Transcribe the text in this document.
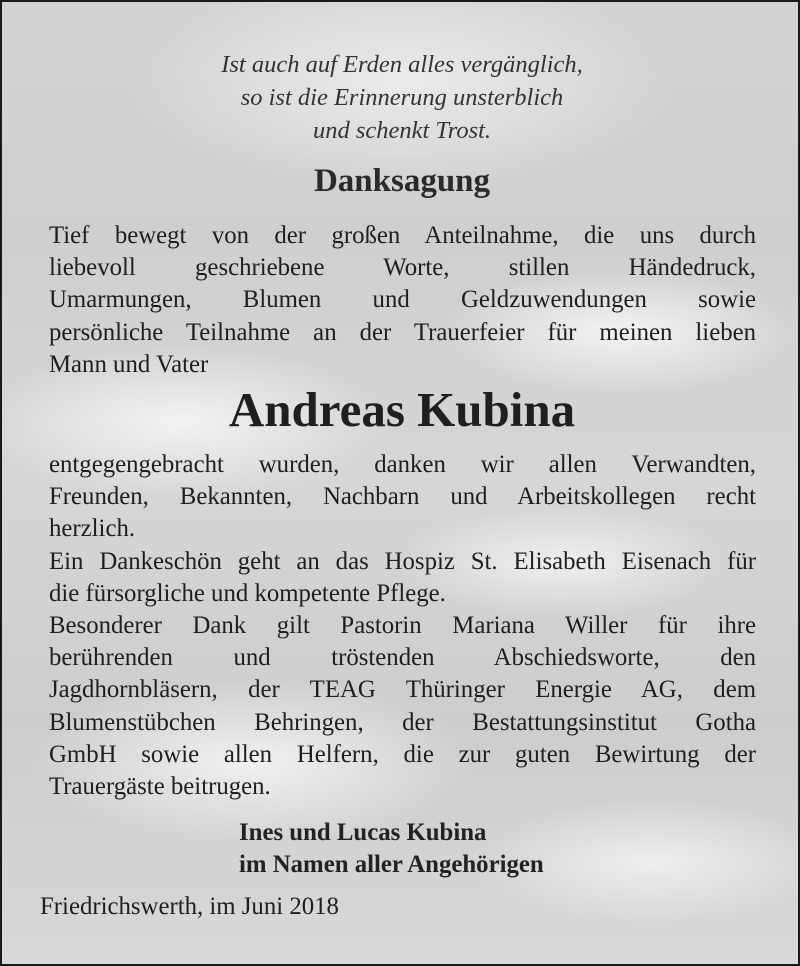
Ist auch auf Erden alles vergänglich,
so ist die Erinnerung unsterblich
und schenkt Trost.
Danksagung
Tief bewegt von der großen Anteilnahme, die uns durch
liebevoll geschriebene Worte, stillen Händedruck,
Umarmungen, Blumen und Geldzuwendungen sowie
persönliche Teilnahme an der Trauerfeier für meinen lieben
Mann und Vater
Andreas Kubina
entgegengebracht wurden, danken wir allen Verwandten,
Freunden, Bekannten, Nachbarn und Arbeitskollegen recht
herzlich.
Ein Dankeschön geht an das Hospiz St. Elisabeth Eisenach für
die fürsorgliche und kompetente Pflege.
Besonderer Dank gilt Pastorin Mariana Willer für ihre
berührenden und tröstenden Abschiedsworte, den
Jagdhornbläsern, der TEAG Thüringer Energie AG, dem
Blumenstübchen Behringen, der Bestattungsinstitut Gotha
GmbH sowie allen Helfern, die zur guten Bewirtung der
Trauergäste beitrugen.
Ines und Lucas Kubina
im Namen aller Angehörigen
Friedrichswerth, im Juni 2018
